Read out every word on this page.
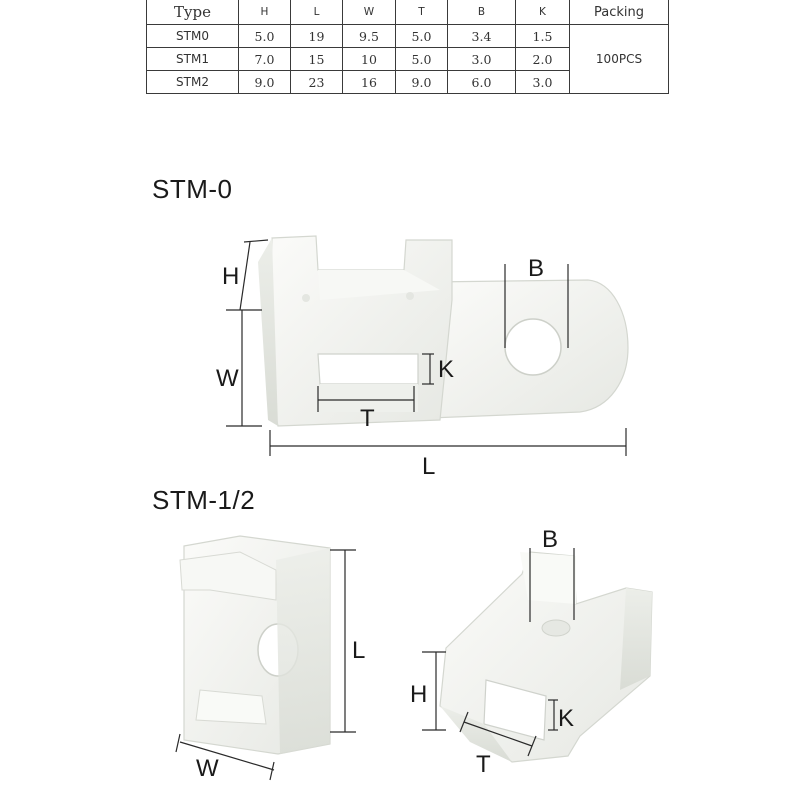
Type	H	L	W	T	B	K	Packing
STM0	5.0	19	9.5	5.0	3.4	1.5	100PCS
STM1	7.0	15	10	5.0	3.0	2.0	
STM2	9.0	23	16	9.0	6.0	3.0	
STM-0
STM-1/2
H
W
L
B
K
T
L
W
B
H
K
T
